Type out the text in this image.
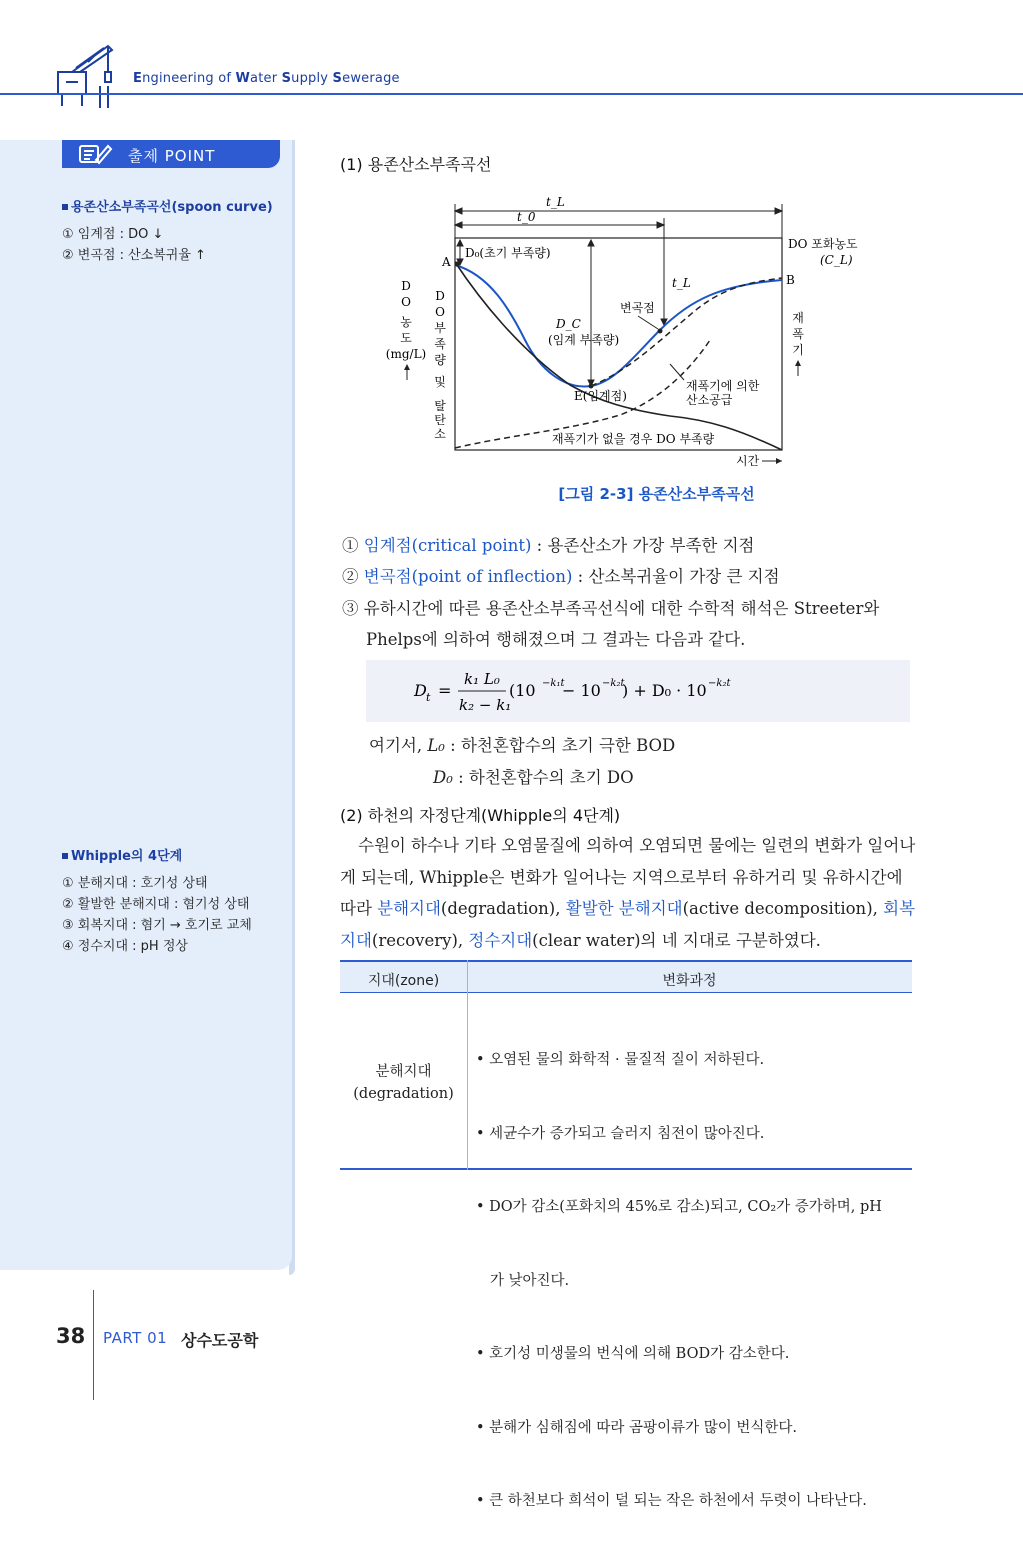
Engineering of Water Supply Sewerage
출제 POINT
용존산소부족곡선(spoon curve)
① 임계점 : DO ↓
② 변곡점 : 산소복귀율 ↑
Whipple의 4단계
① 분해지대 : 호기성 상태
② 활발한 분해지대 : 혐기성 상태
③ 회복지대 : 혐기 → 호기로 교체
④ 정수지대 : pH 정상
(1) 용존산소부족곡선
t_L
t_0
A
B
D₀(초기 부족량)
D_C
(임계 부족량)
t_L
변곡점
E(임계점)
DO 포화농도
(C_L)
재폭기에 의한
산소공급
재폭기가 없을 경우 DO 부족량
시간
D
O
농
도
(mg/L)
D
O
부
족
량
및
탈
탄
소
재
폭
기
[그림 2-3] 용존산소부족곡선
① 임계점(critical point) : 용존산소가 가장 부족한 지점
② 변곡점(point of inflection) : 산소복귀율이 가장 큰 지점
③ 유하시간에 따른 용존산소부족곡선식에 대한 수학적 해석은 Streeter와
Phelps에 의하여 행해졌으며 그 결과는 다음과 같다.
D t =
k₁ L₀
k₂ − k₁
(10 −k₁t
− 10 −k₂t
) + D₀ · 10 −k₂t
여기서, L₀ : 하천혼합수의 초기 극한 BOD
D₀ : 하천혼합수의 초기 DO
(2) 하천의 자정단계(Whipple의 4단계)
수원이 하수나 기타 오염물질에 의하여 오염되면 물에는 일련의 변화가 일어나
게 되는데, Whipple은 변화가 일어나는 지역으로부터 유하거리 및 유하시간에
따라 분해지대(degradation), 활발한 분해지대(active decomposition), 회복
지대(recovery), 정수지대(clear water)의 네 지대로 구분하였다.
지대(zone)	변화과정
분해지대
(degradation)

• 오염된 물의 화학적 · 물질적 질이 저하된다.

• 세균수가 증가되고 슬러지 침전이 많아진다.

• DO가 감소(포화치의 45%로 감소)되고, CO₂가 증가하며, pH

가 낮아진다.

• 호기성 미생물의 번식에 의해 BOD가 감소한다.

• 분해가 심해짐에 따라 곰팡이류가 많이 번식한다.

• 큰 하천보다 희석이 덜 되는 작은 하천에서 두렷이 나타난다.

38 PART 01 상수도공학
